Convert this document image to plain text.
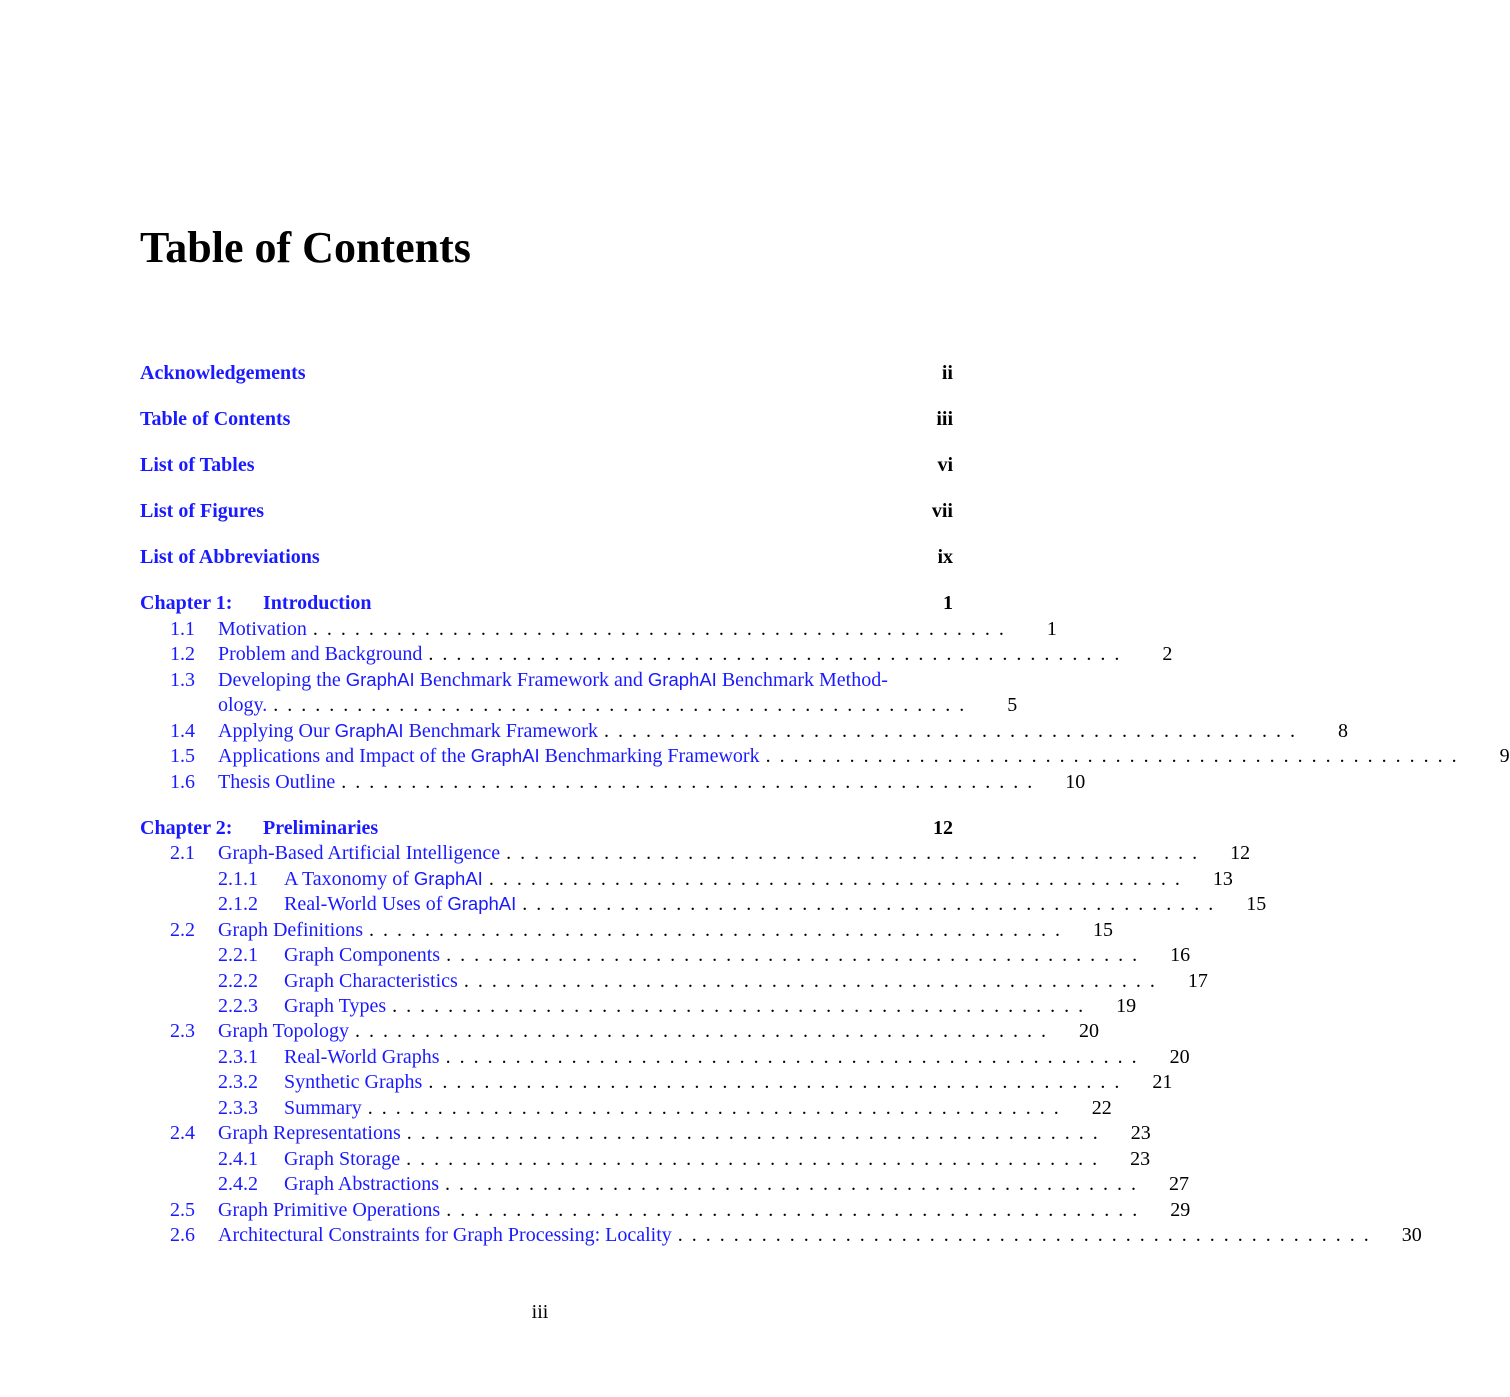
Table of Contents
Acknowledgements	ii
Table of Contents	iii
List of Tables	vi
List of Figures	vii
List of Abbreviations	ix
Chapter 1:	Introduction	1
1.1	Motivation ..................................................	1
1.2	Problem and Background ..................................................	2
1.3	Developing the GraphAI Benchmark Framework and GraphAI Benchmark Method-
ology. ..................................................	5
1.4	Applying Our GraphAI Benchmark Framework ..................................................	8
1.5	Applications and Impact of the GraphAI Benchmarking Framework ..................................................	9
1.6	Thesis Outline ..................................................	10
Chapter 2:	Preliminaries	12
2.1	Graph-Based Artificial Intelligence ..................................................	12
2.1.1	A Taxonomy of GraphAI ..................................................	13
2.1.2	Real-World Uses of GraphAI ..................................................	15
2.2	Graph Definitions ..................................................	15
2.2.1	Graph Components ..................................................	16
2.2.2	Graph Characteristics ..................................................	17
2.2.3	Graph Types ..................................................	19
2.3	Graph Topology ..................................................	20
2.3.1	Real-World Graphs ..................................................	20
2.3.2	Synthetic Graphs ..................................................	21
2.3.3	Summary ..................................................	22
2.4	Graph Representations ..................................................	23
2.4.1	Graph Storage ..................................................	23
2.4.2	Graph Abstractions ..................................................	27
2.5	Graph Primitive Operations ..................................................	29
2.6	Architectural Constraints for Graph Processing: Locality ..................................................	30
iii
